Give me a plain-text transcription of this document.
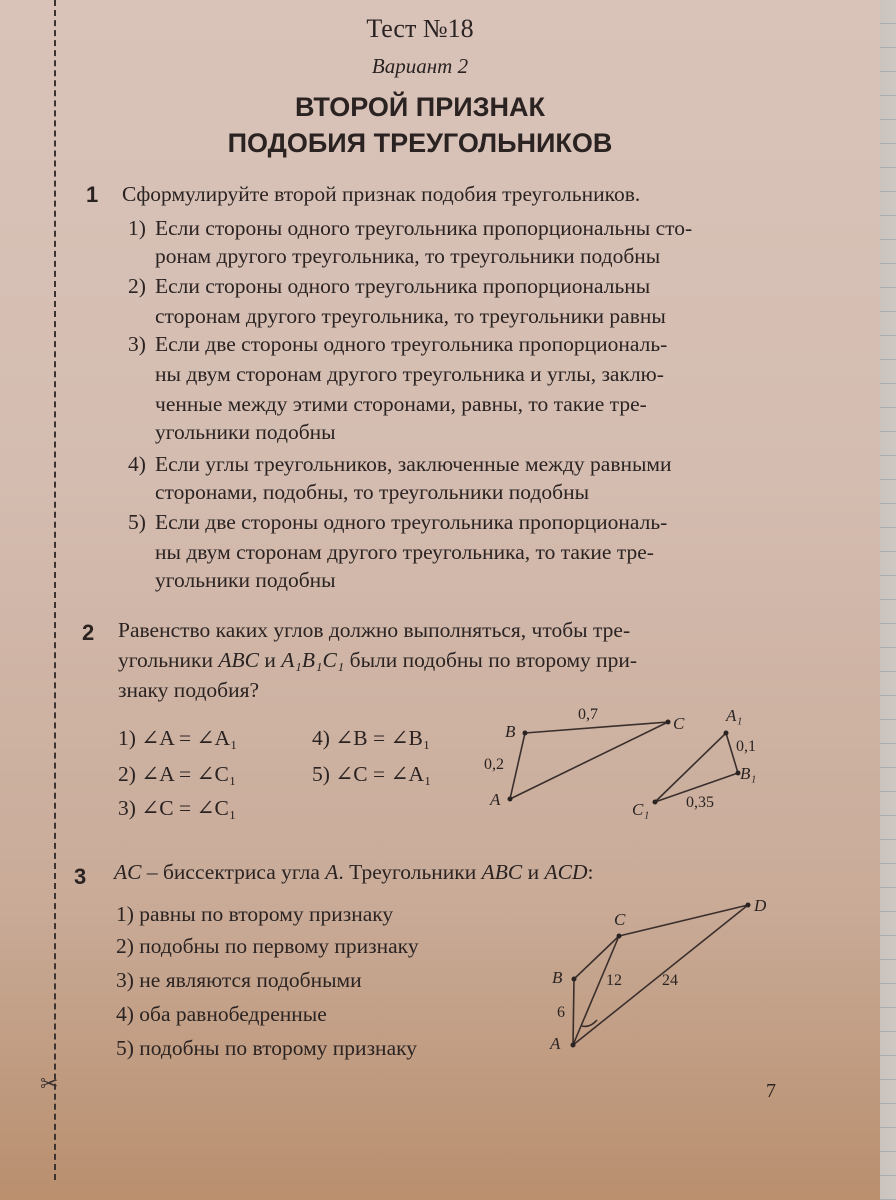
✂
Тест №18
Вариант 2
ВТОРОЙ ПРИЗНАК
ПОДОБИЯ ТРЕУГОЛЬНИКОВ
1 Сформулируйте второй признак подобия треугольников.
1) Если стороны одного треугольника пропорциональны сто-
ронам другого треугольника, то треугольники подобны
2) Если стороны одного треугольника пропорциональны
сторонам другого треугольника, то треугольники равны
3) Если две стороны одного треугольника пропорциональ-
ны двум сторонам другого треугольника и углы, заклю-
ченные между этими сторонами, равны, то такие тре-
угольники подобны
4) Если углы треугольников, заключенные между равными
сторонами, подобны, то треугольники подобны
5) Если две стороны одного треугольника пропорциональ-
ны двум сторонам другого треугольника, то такие тре-
угольники подобны
2 Равенство каких углов должно выполняться, чтобы тре-
угольники ABC и A₁B₁C₁ были подобны по второму при-
знаку подобия?
1) ∠A = ∠A₁
2) ∠A = ∠C₁
3) ∠C = ∠C₁
4) ∠B = ∠B₁
5) ∠C = ∠A₁
B	C
A
0,7
0,2
A₁
B₁
C₁
0,1
0,35
3 AC – биссектриса угла A. Треугольники ABC и ACD:
1) равны по второму признаку
2) подобны по первому признаку
3) не являются подобными
4) оба равнобедренные
5) подобны по второму признаку
C
D
B
A
6
12	24
7
